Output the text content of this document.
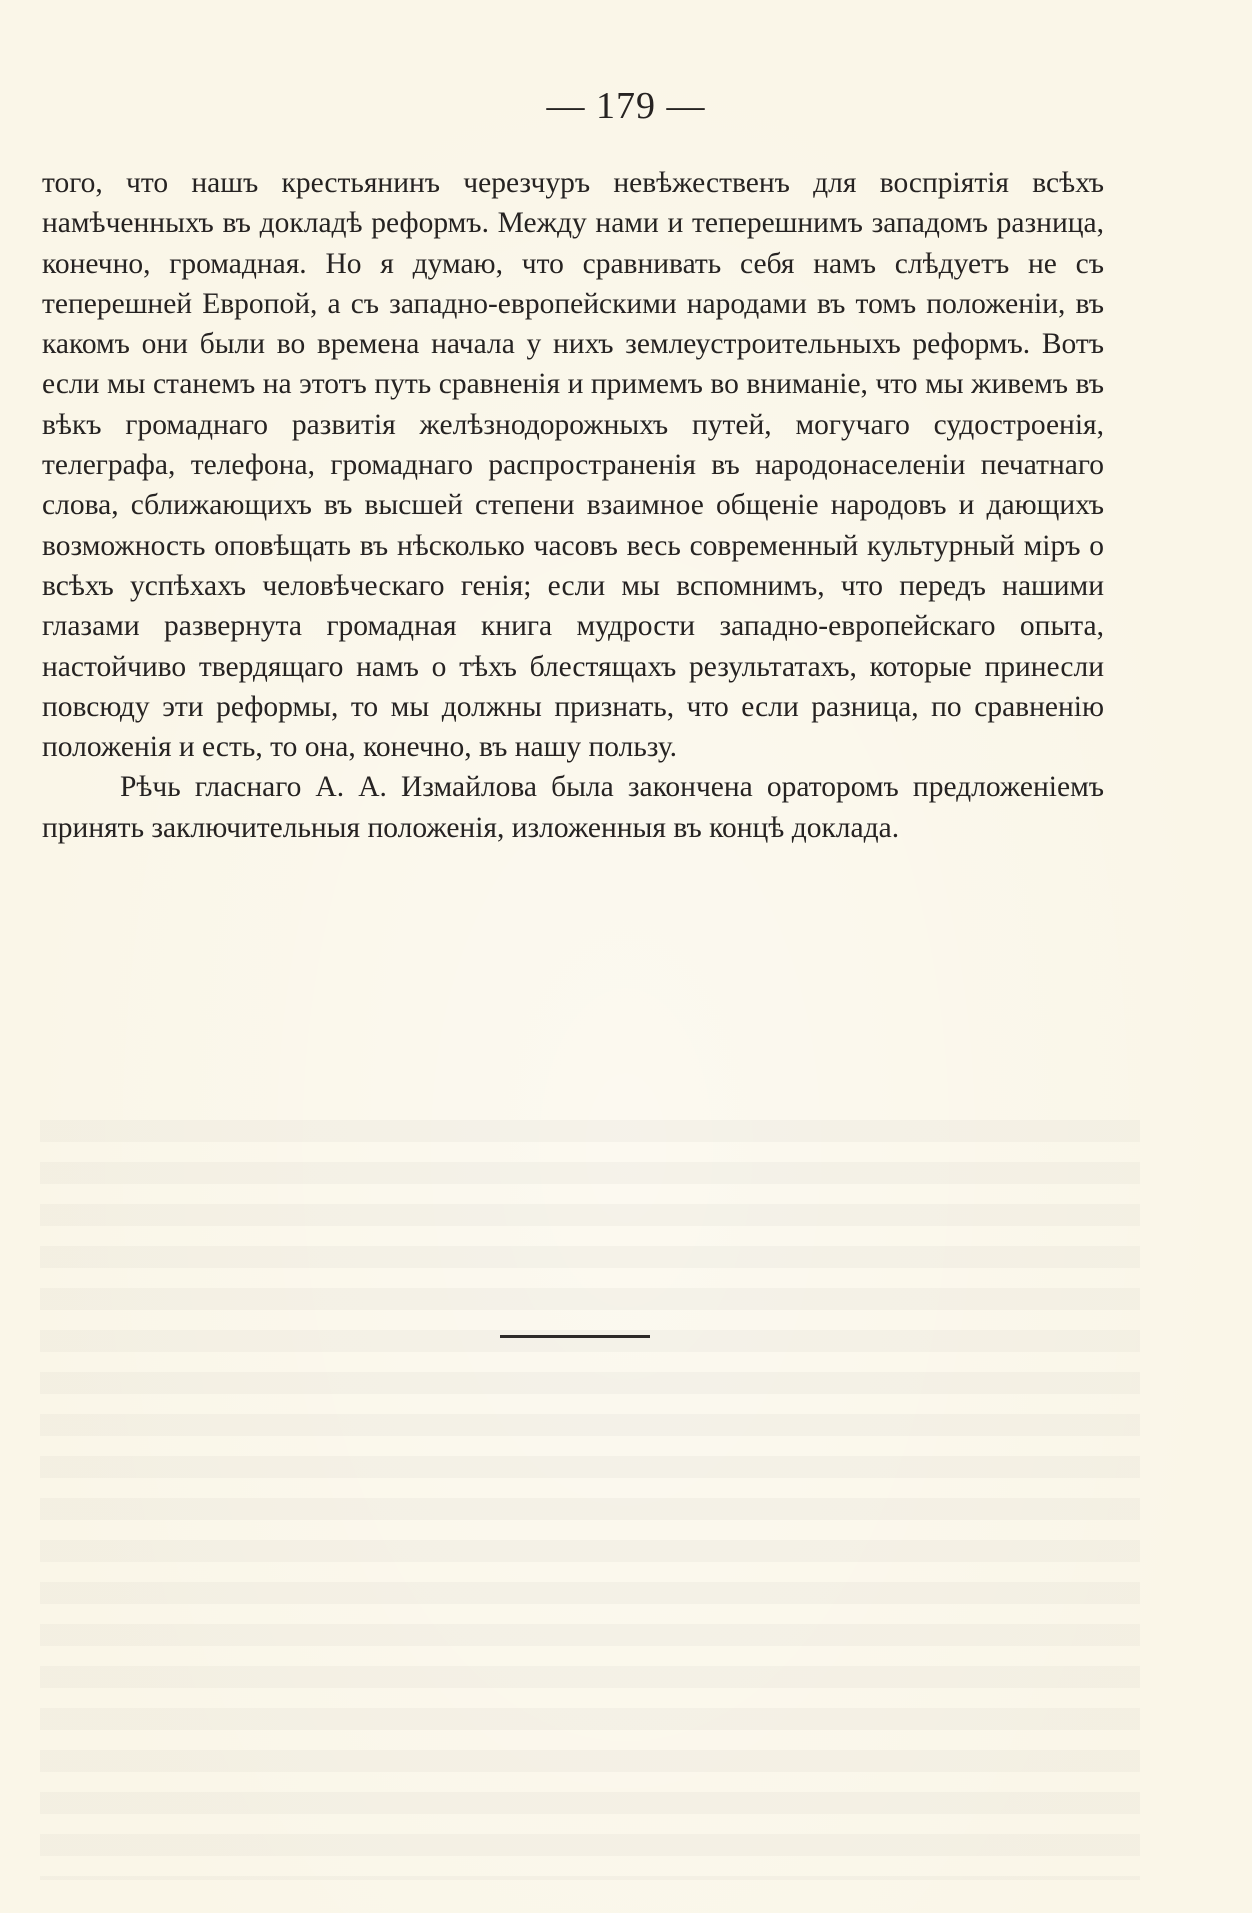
— 179 —

того, что нашъ крестьянинъ черезчуръ невѣжественъ для воспріятія всѣхъ намѣченныхъ въ докладѣ реформъ. Между нами и теперешнимъ западомъ разница, конечно, громадная. Но я думаю, что сравнивать себя намъ слѣдуетъ не съ теперешней Европой, а съ западно-европейскими народами въ томъ положеніи, въ какомъ они были во времена начала у нихъ землеустроительныхъ реформъ. Вотъ если мы станемъ на этотъ путь сравненія и примемъ во вниманіе, что мы живемъ въ вѣкъ громаднаго развитія желѣзнодорожныхъ путей, могучаго судостроенія, телеграфа, телефона, громаднаго распространенія въ народонаселеніи печатнаго слова, сближающихъ въ высшей степени взаимное общеніе народовъ и дающихъ возможность оповѣщать въ нѣсколько часовъ весь современный культурный міръ о всѣхъ успѣхахъ человѣческаго генія; если мы вспомнимъ, что передъ нашими глазами развернута громадная книга мудрости западно-европейскаго опыта, настойчиво твердящаго намъ о тѣхъ блестящахъ результатахъ, которые принесли повсюду эти реформы, то мы должны признать, что если разница, по сравненію положенія и есть, то она, конечно, въ нашу пользу.

Рѣчь гласнаго А. А. Измайлова была закончена ораторомъ предложеніемъ принять заключительныя положенія, изложенныя въ концѣ доклада.
